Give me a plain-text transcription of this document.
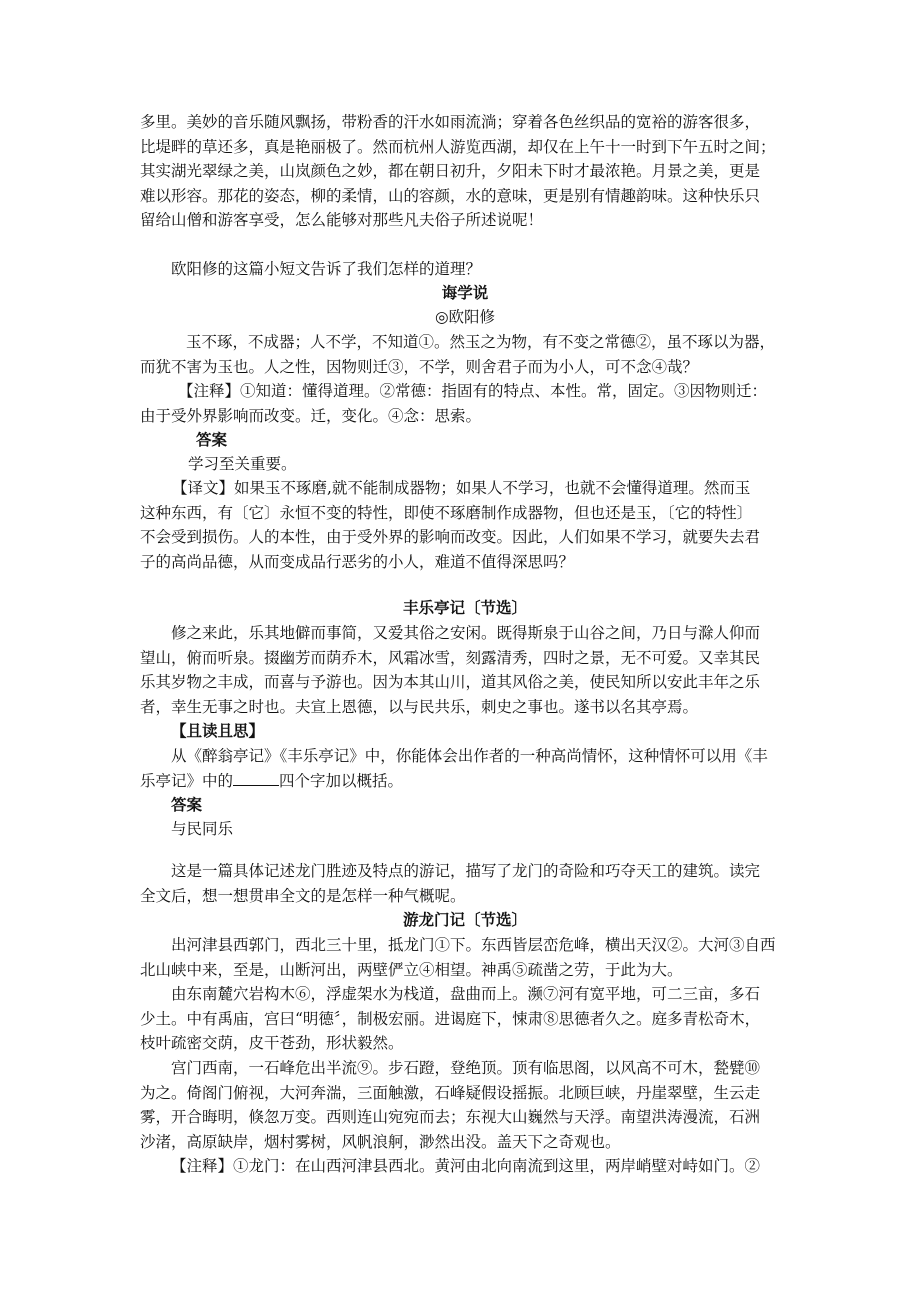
多里。美妙的音乐随风飘扬，带粉香的汗水如雨流淌；穿着各色丝织品的宽裕的游客很多，
比堤畔的草还多，真是艳丽极了。然而杭州人游览西湖，却仅在上午十一时到下午五时之间；
其实湖光翠绿之美，山岚颜色之妙，都在朝日初升，夕阳未下时才最浓艳。月景之美，更是
难以形容。那花的姿态，柳的柔情，山的容颜，水的意味，更是别有情趣韵味。这种快乐只
留给山僧和游客享受，怎么能够对那些凡夫俗子所述说呢！
欧阳修的这篇小短文告诉了我们怎样的道理？
诲学说
◎欧阳修
玉不琢，不成器；人不学，不知道①。然玉之为物，有不变之常德②，虽不琢以为器，
而犹不害为玉也。人之性，因物则迁③，不学，则舍君子而为小人，可不念④哉？
【注释】①知道：懂得道理。②常德：指固有的特点、本性。常，固定。③因物则迁：
由于受外界影响而改变。迁，变化。④念：思索。
答案
学习至关重要。
【译文】如果玉不琢磨,就不能制成器物；如果人不学习，也就不会懂得道理。然而玉
这种东西，有〔它〕永恒不变的特性，即使不琢磨制作成器物，但也还是玉，〔它的特性〕
不会受到损伤。人的本性，由于受外界的影响而改变。因此，人们如果不学习，就要失去君
子的高尚品德，从而变成品行恶劣的小人，难道不值得深思吗？
丰乐亭记〔节选〕
修之来此，乐其地僻而事简，又爱其俗之安闲。既得斯泉于山谷之间，乃日与滁人仰而
望山，俯而听泉。掇幽芳而荫乔木，风霜冰雪，刻露清秀，四时之景，无不可爱。又幸其民
乐其岁物之丰成，而喜与予游也。因为本其山川，道其风俗之美，使民知所以安此丰年之乐
者，幸生无事之时也。夫宣上恩德，以与民共乐，刺史之事也。遂书以名其亭焉。
【且读且思】
从《醉翁亭记》《丰乐亭记》中，你能体会出作者的一种高尚情怀，这种情怀可以用《丰
乐亭记》中的	四个字加以概括。
答案
与民同乐
这是一篇具体记述龙门胜迹及特点的游记，描写了龙门的奇险和巧夺天工的建筑。读完
全文后，想一想贯串全文的是怎样一种气概呢。
游龙门记〔节选〕
出河津县西郭门，西北三十里，抵龙门①下。东西皆层峦危峰，横出天汉②。大河③自西
北山峡中来，至是，山断河出，两壁俨立④相望。神禹⑤疏凿之劳，于此为大。
由东南麓穴岩构木⑥，浮虚架水为栈道，盘曲而上。濒⑦河有宽平地，可二三亩，多石
少土。中有禹庙，宫曰“明德〞，制极宏丽。进谒庭下，悚肃⑧思德者久之。庭多青松奇木，
枝叶疏密交荫，皮干苍劲，形状毅然。
宫门西南，一石峰危出半流⑨。步石蹬，登绝顶。顶有临思阁，以风高不可木，甃甓⑩
为之。倚阁门俯视，大河奔湍，三面触激，石峰疑假设摇振。北顾巨峡，丹崖翠壁，生云走
雾，开合晦明，倏忽万变。西则连山宛宛而去；东视大山巍然与天浮。南望洪涛漫流，石洲
沙渚，高原缺岸，烟村雾树，风帆浪舸，渺然出没。盖天下之奇观也。
【注释】①龙门：在山西河津县西北。黄河由北向南流到这里，两岸峭壁对峙如门。②
